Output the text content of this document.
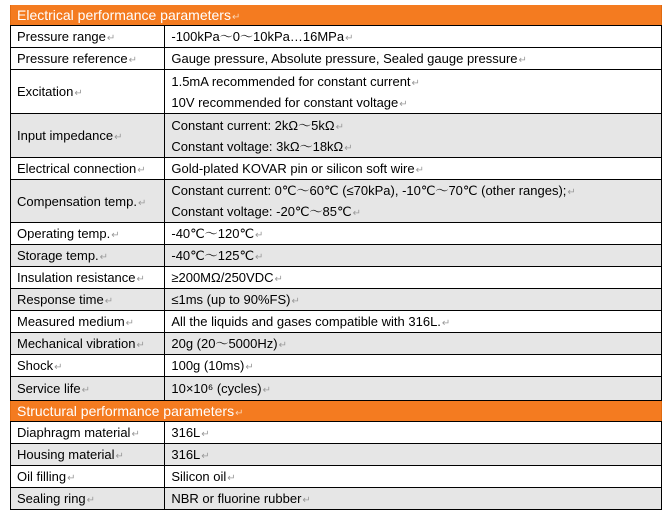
Electrical performance parameters↵
Pressure range↵	-100kPa～0～10kPa…16MPa↵

Pressure reference↵	Gauge pressure, Absolute pressure, Sealed gauge pressure↵

Excitation↵	1.5mA recommended for constant current↵
10V recommended for constant voltage↵

Input impedance↵	Constant current: 2kΩ～5kΩ↵
Constant voltage: 3kΩ～18kΩ↵

Electrical connection↵	Gold-plated KOVAR pin or silicon soft wire↵

Compensation temp.↵	Constant current: 0℃～60℃ (≤70kPa), -10℃～70℃ (other ranges);↵
Constant voltage: -20℃～85℃↵

Operating temp.↵	-40℃～120℃↵

Storage temp.↵	-40℃～125℃↵

Insulation resistance↵	≥200MΩ/250VDC↵

Response time↵	≤1ms (up to 90%FS)↵

Measured medium↵	All the liquids and gases compatible with 316L.↵

Mechanical vibration↵	20g (20～5000Hz)↵

Shock↵	100g (10ms)↵

Service life↵	10×10⁶ (cycles)↵
Structural performance parameters↵
Diaphragm material↵	316L↵

Housing material↵	316L↵

Oil filling↵	Silicon oil↵

Sealing ring↵	NBR or fluorine rubber↵
